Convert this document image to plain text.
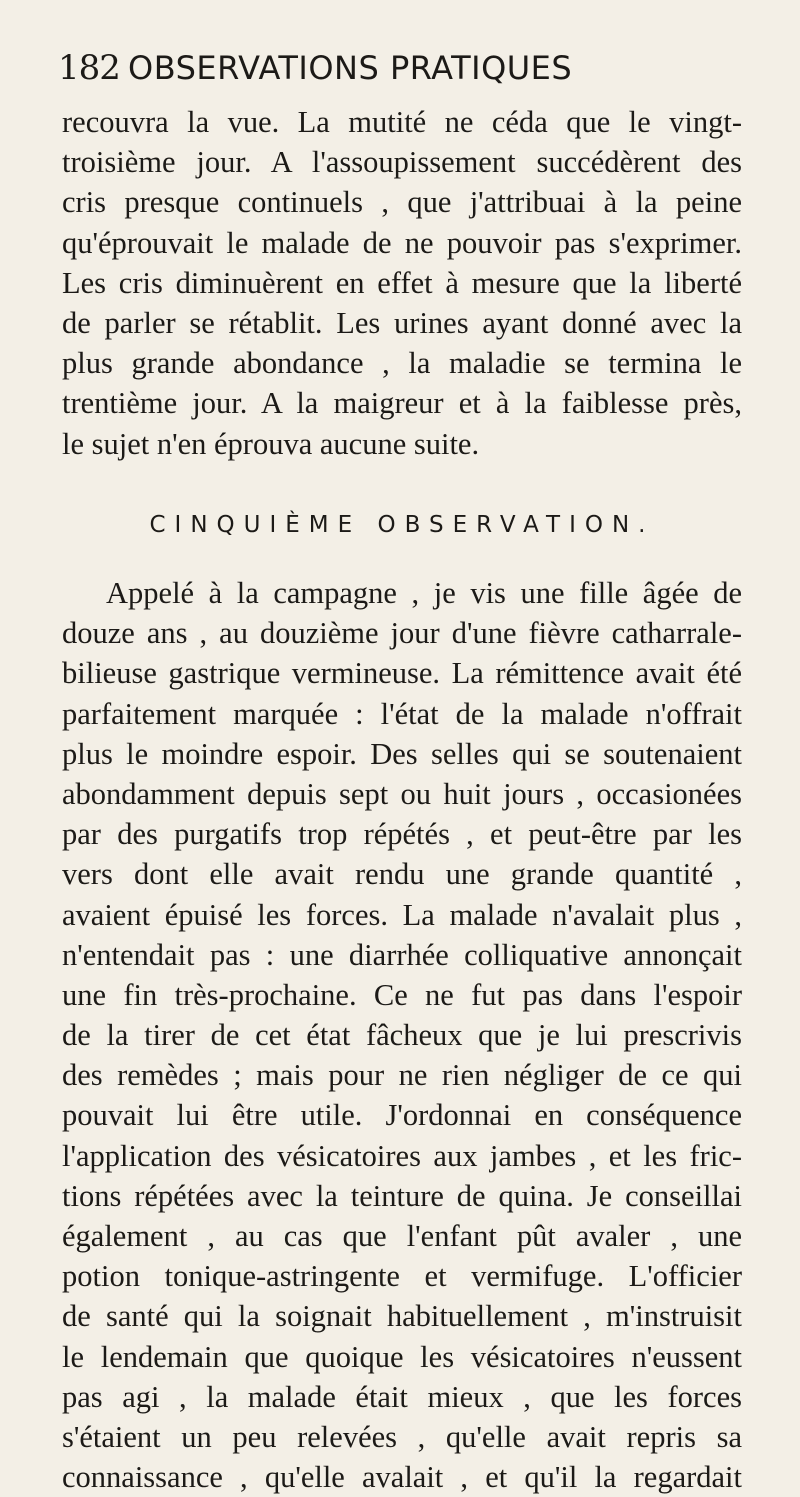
182 OBSERVATIONS PRATIQUES
recouvra la vue. La mutité ne céda que le vingt-
troisième jour. A l'assoupissement succédèrent des
cris presque continuels , que j'attribuai à la peine
qu'éprouvait le malade de ne pouvoir pas s'exprimer.
Les cris diminuèrent en effet à mesure que la liberté
de parler se rétablit. Les urines ayant donné avec la
plus grande abondance , la maladie se termina le
trentième jour. A la maigreur et à la faiblesse près,
le sujet n'en éprouva aucune suite.
CINQUIÈME OBSERVATION.
Appelé à la campagne , je vis une fille âgée de
douze ans , au douzième jour d'une fièvre catharrale-
bilieuse gastrique vermineuse. La rémittence avait été
parfaitement marquée : l'état de la malade n'offrait
plus le moindre espoir. Des selles qui se soutenaient
abondamment depuis sept ou huit jours , occasionées
par des purgatifs trop répétés , et peut-être par les
vers dont elle avait rendu une grande quantité ,
avaient épuisé les forces. La malade n'avalait plus ,
n'entendait pas : une diarrhée colliquative annonçait
une fin très-prochaine. Ce ne fut pas dans l'espoir
de la tirer de cet état fâcheux que je lui prescrivis
des remèdes ; mais pour ne rien négliger de ce qui
pouvait lui être utile. J'ordonnai en conséquence
l'application des vésicatoires aux jambes , et les fric-
tions répétées avec la teinture de quina. Je conseillai
également , au cas que l'enfant pût avaler , une
potion tonique-astringente et vermifuge. L'officier
de santé qui la soignait habituellement , m'instruisit
le lendemain que quoique les vésicatoires n'eussent
pas agi , la malade était mieux , que les forces
s'étaient un peu relevées , qu'elle avait repris sa
connaissance , qu'elle avalait , et qu'il la regardait
